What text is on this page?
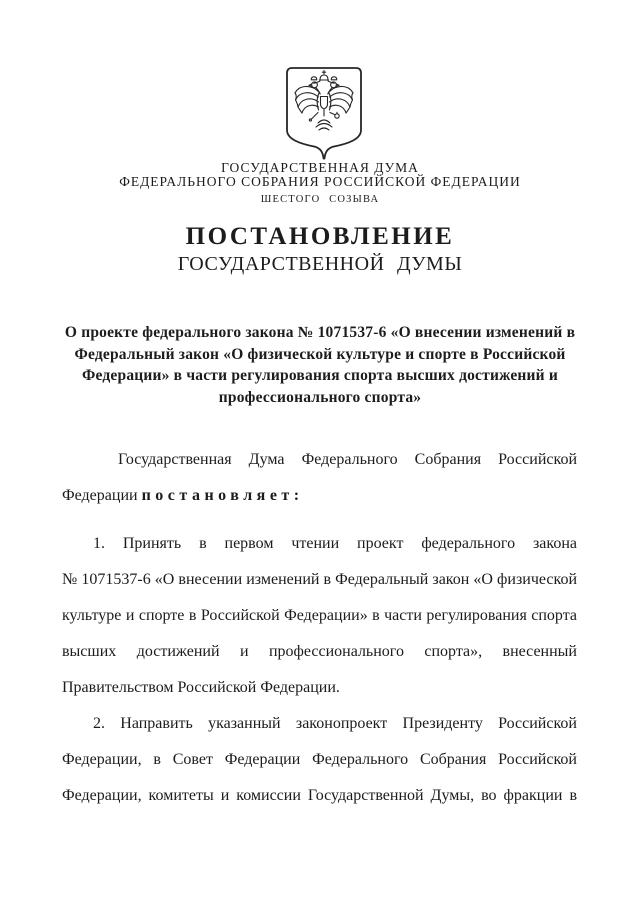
ГОСУДАРСТВЕННАЯ ДУМА
ФЕДЕРАЛЬНОГО СОБРАНИЯ РОССИЙСКОЙ ФЕДЕРАЦИИ
ШЕСТОГО СОЗЫВА
ПОСТАНОВЛЕНИЕ
ГОСУДАРСТВЕННОЙ ДУМЫ
О проекте федерального закона № 1071537-6 «О внесении изменений в
Федеральный закон «О физической культуре и спорте в Российской
Федерации» в части регулирования спорта высших достижений и
профессионального спорта»
Государственная Дума Федерального Собрания Российской
Федерации постановляет:
1. Принять в первом чтении проект федерального закона
№ 1071537-6 «О внесении изменений в Федеральный закон «О физической
культуре и спорте в Российской Федерации» в части регулирования спорта
высших достижений и профессионального спорта», внесенный
Правительством Российской Федерации.
2. Направить указанный законопроект Президенту Российской
Федерации, в Совет Федерации Федерального Собрания Российской
Федерации, комитеты и комиссии Государственной Думы, во фракции в
